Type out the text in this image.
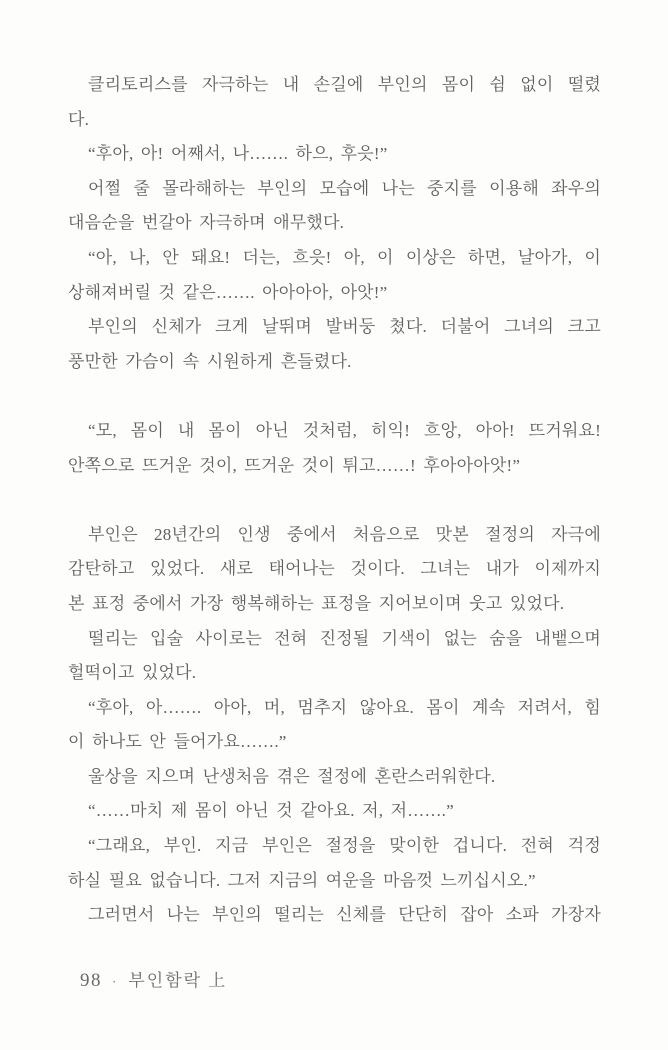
클리토리스를 자극하는 내 손길에 부인의 몸이 쉼 없이 떨렸
다.
“후아, 아! 어째서, 나……. 하으, 후읏!”
어쩔 줄 몰라해하는 부인의 모습에 나는 중지를 이용해 좌우의
대음순을 번갈아 자극하며 애무했다.
“아, 나, 안 돼요! 더는, 흐읏! 아, 이 이상은 하면, 날아가, 이
상해져버릴 것 같은……. 아아아아, 아앗!”
부인의 신체가 크게 날뛰며 발버둥 쳤다. 더불어 그녀의 크고
풍만한 가슴이 속 시원하게 흔들렸다.

“모, 몸이 내 몸이 아닌 것처럼, 히익! 흐앙, 아아! 뜨거워요!
안쪽으로 뜨거운 것이, 뜨거운 것이 튀고……! 후아아아앗!”

부인은 28년간의 인생 중에서 처음으로 맛본 절정의 자극에
감탄하고 있었다. 새로 태어나는 것이다. 그녀는 내가 이제까지
본 표정 중에서 가장 행복해하는 표정을 지어보이며 웃고 있었다.
떨리는 입술 사이로는 전혀 진정될 기색이 없는 숨을 내뱉으며
헐떡이고 있었다.
“후아, 아……. 아아, 머, 멈추지 않아요. 몸이 계속 저려서, 힘
이 하나도 안 들어가요…….”
울상을 지으며 난생처음 겪은 절정에 혼란스러워한다.
“……마치 제 몸이 아닌 것 같아요. 저, 저…….”
“그래요, 부인. 지금 부인은 절정을 맞이한 겁니다. 전혀 걱정
하실 필요 없습니다. 그저 지금의 여운을 마음껏 느끼십시오.”
그러면서 나는 부인의 떨리는 신체를 단단히 잡아 소파 가장자
98 · 부인함락 上
